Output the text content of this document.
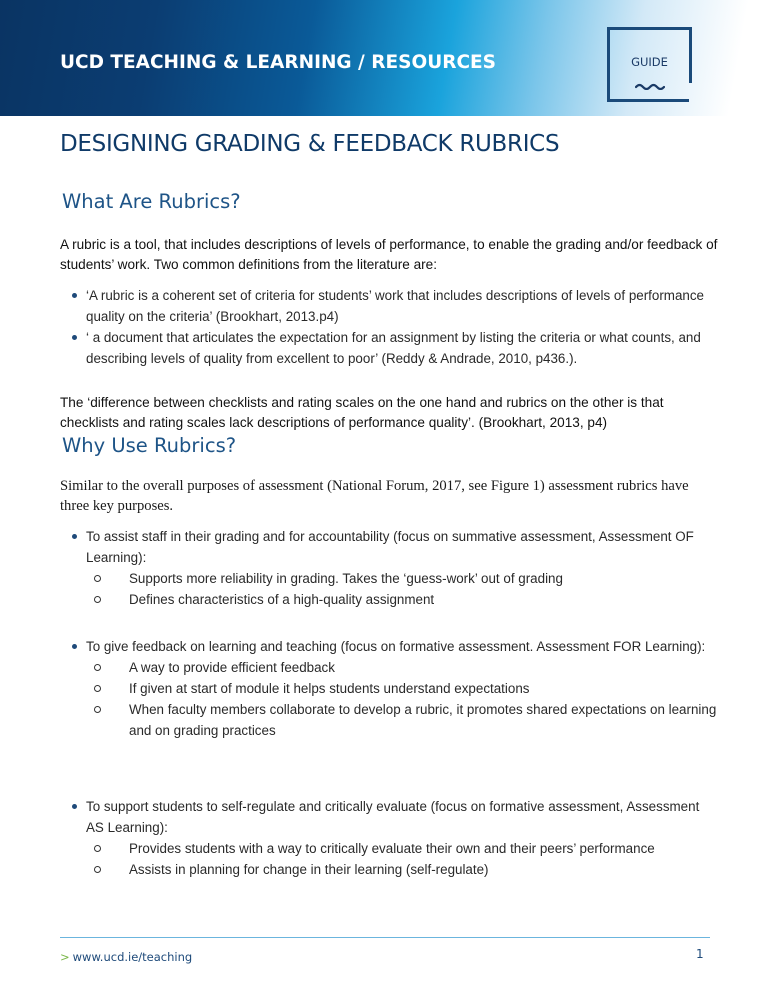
UCD TEACHING & LEARNING / RESOURCES	GUIDE
DESIGNING GRADING & FEEDBACK RUBRICS
What Are Rubrics?
A rubric is a tool, that includes descriptions of levels of performance, to enable the grading and/or feedback of students’ work. Two common definitions from the literature are:
‘A rubric is a coherent set of criteria for students’ work that includes descriptions of levels of performance quality on the criteria’ (Brookhart, 2013.p4)
‘ a document that articulates the expectation for an assignment by listing the criteria or what counts, and describing levels of quality from excellent to poor’ (Reddy & Andrade, 2010, p436.).
The ‘difference between checklists and rating scales on the one hand and rubrics on the other is that checklists and rating scales lack descriptions of performance quality’. (Brookhart, 2013, p4)
Why Use Rubrics?
Similar to the overall purposes of assessment (National Forum, 2017, see Figure 1) assessment rubrics have three key purposes.
To assist staff in their grading and for accountability (focus on summative assessment, Assessment OF Learning):
Supports more reliability in grading. Takes the ‘guess-work’ out of grading
Defines characteristics of a high-quality assignment
To give feedback on learning and teaching (focus on formative assessment. Assessment FOR Learning):
A way to provide efficient feedback
If given at start of module it helps students understand expectations
When faculty members collaborate to develop a rubric, it promotes shared expectations on learning and on grading practices
To support students to self-regulate and critically evaluate (focus on formative assessment, Assessment AS Learning):
Provides students with a way to critically evaluate their own and their peers’ performance
Assists in planning for change in their learning (self-regulate)
> www.ucd.ie/teaching	1
